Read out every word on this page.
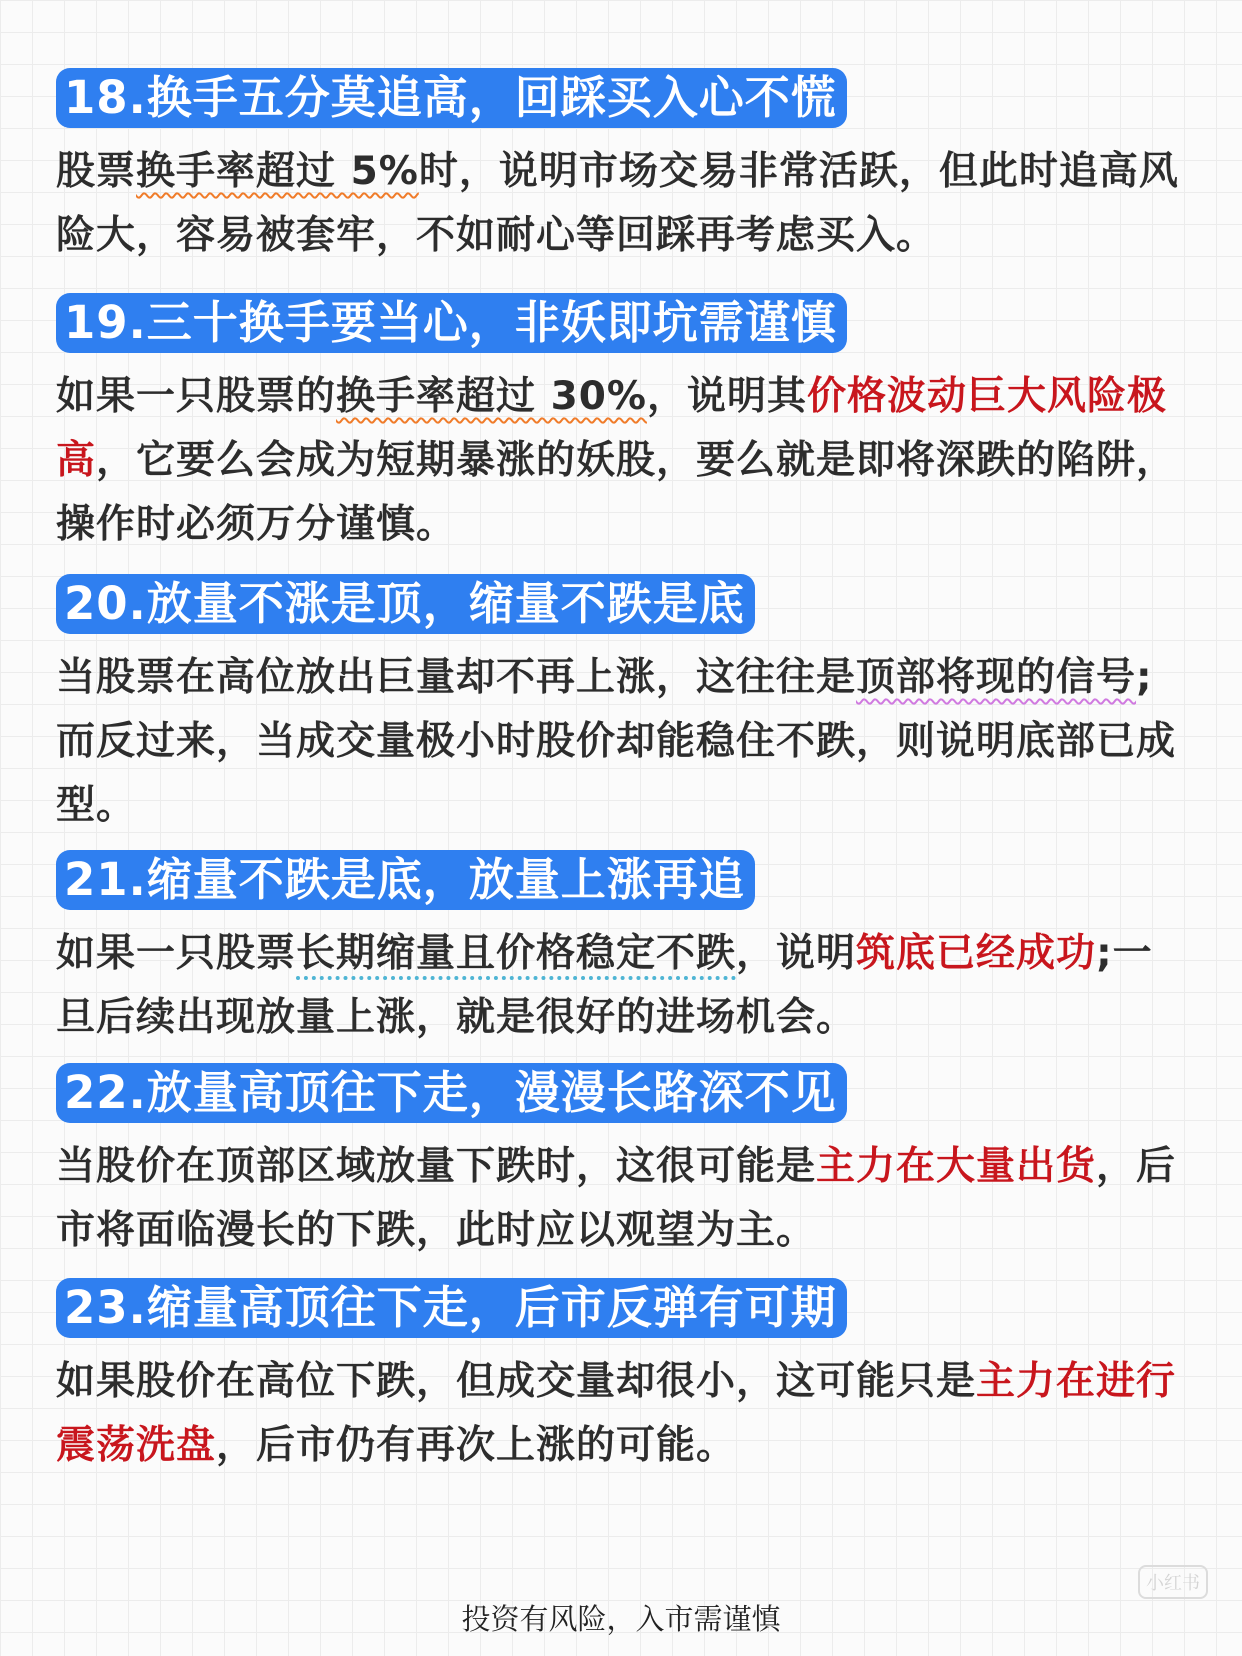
18.换手五分莫追高，回踩买入心不慌
股票换手率超过 5%时，说明市场交易非常活跃，但此时追高风险大，容易被套牢，不如耐心等回踩再考虑买入。
19.三十换手要当心，非妖即坑需谨慎
如果一只股票的换手率超过 30%，说明其价格波动巨大风险极高，它要么会成为短期暴涨的妖股，要么就是即将深跌的陷阱，操作时必须万分谨慎。
20.放量不涨是顶，缩量不跌是底
当股票在高位放出巨量却不再上涨，这往往是顶部将现的信号;而反过来，当成交量极小时股价却能稳住不跌，则说明底部已成型。
21.缩量不跌是底，放量上涨再追
如果一只股票长期缩量且价格稳定不跌，说明筑底已经成功;一旦后续出现放量上涨，就是很好的进场机会。
22.放量高顶往下走，漫漫长路深不见
当股价在顶部区域放量下跌时，这很可能是主力在大量出货，后市将面临漫长的下跌，此时应以观望为主。
23.缩量高顶往下走，后市反弹有可期
如果股价在高位下跌，但成交量却很小，这可能只是主力在进行震荡洗盘，后市仍有再次上涨的可能。
小红书
投资有风险，入市需谨慎
